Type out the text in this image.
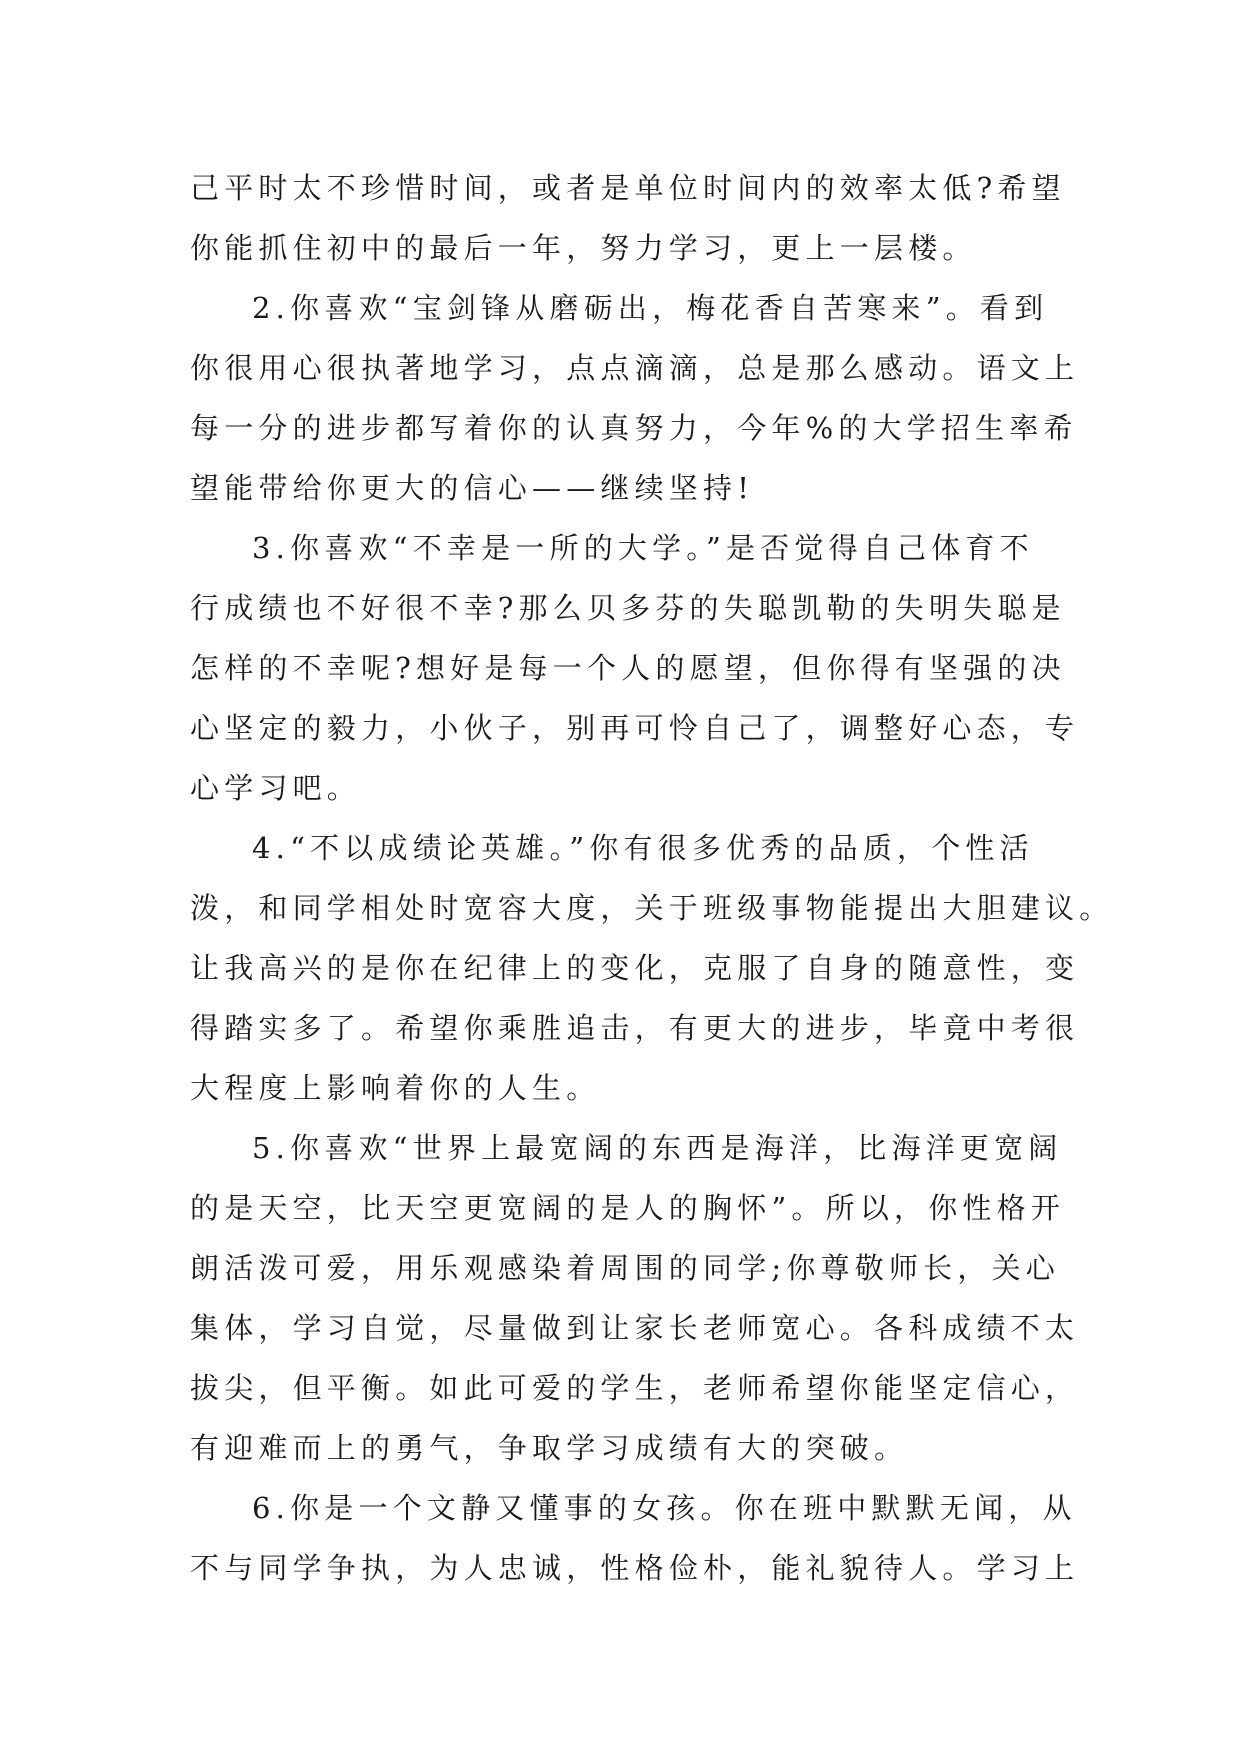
己平时太不珍惜时间，或者是单位时间内的效率太低?希望
你能抓住初中的最后一年，努力学习，更上一层楼。
2.你喜欢“宝剑锋从磨砺出，梅花香自苦寒来”。看到
你很用心很执著地学习，点点滴滴，总是那么感动。语文上
每一分的进步都写着你的认真努力，今年%的大学招生率希
望能带给你更大的信心——继续坚持!
3.你喜欢“不幸是一所的大学。”是否觉得自己体育不
行成绩也不好很不幸?那么贝多芬的失聪凯勒的失明失聪是
怎样的不幸呢?想好是每一个人的愿望，但你得有坚强的决
心坚定的毅力，小伙子，别再可怜自己了，调整好心态，专
心学习吧。
4.“不以成绩论英雄。”你有很多优秀的品质，个性活
泼，和同学相处时宽容大度，关于班级事物能提出大胆建议。
让我高兴的是你在纪律上的变化，克服了自身的随意性，变
得踏实多了。希望你乘胜追击，有更大的进步，毕竟中考很
大程度上影响着你的人生。
5.你喜欢“世界上最宽阔的东西是海洋，比海洋更宽阔
的是天空，比天空更宽阔的是人的胸怀”。所以，你性格开
朗活泼可爱，用乐观感染着周围的同学;你尊敬师长，关心
集体，学习自觉，尽量做到让家长老师宽心。各科成绩不太
拔尖，但平衡。如此可爱的学生，老师希望你能坚定信心，
有迎难而上的勇气，争取学习成绩有大的突破。
6.你是一个文静又懂事的女孩。你在班中默默无闻，从
不与同学争执，为人忠诚，性格俭朴，能礼貌待人。学习上
